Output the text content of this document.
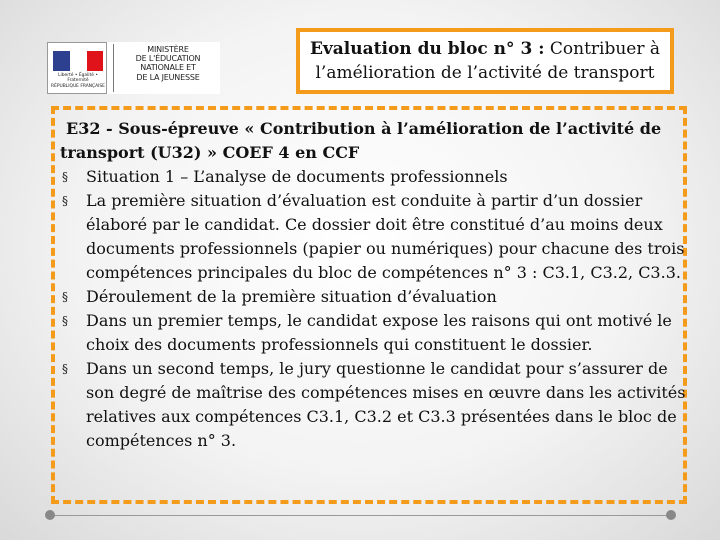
Liberté • Égalité • Fraternité
RÉPUBLIQUE FRANÇAISE
MINISTÈRE
DE L'ÉDUCATION
NATIONALE ET
DE LA JEUNESSE
Evaluation du bloc n° 3 : Contribuer à
l’amélioration de l’activité de transport

E32 - Sous-épreuve « Contribution à l’amélioration de l’activité de
transport (U32) » COEF 4 en CCF

§ Situation 1 – L’analyse de documents professionnels
§ La première situation d’évaluation est conduite à partir d’un dossier élaboré par le candidat. Ce dossier doit être constitué d’au moins deux documents professionnels (papier ou numériques) pour chacune des trois compétences principales du bloc de compétences n° 3 : C3.1, C3.2, C3.3.
§ Déroulement de la première situation d’évaluation
§ Dans un premier temps, le candidat expose les raisons qui ont motivé le choix des documents professionnels qui constituent le dossier.
§ Dans un second temps, le jury questionne le candidat pour s’assurer de son degré de maîtrise des compétences mises en œuvre dans les activités relatives aux compétences C3.1, C3.2 et C3.3 présentées dans le bloc de compétences n° 3.
